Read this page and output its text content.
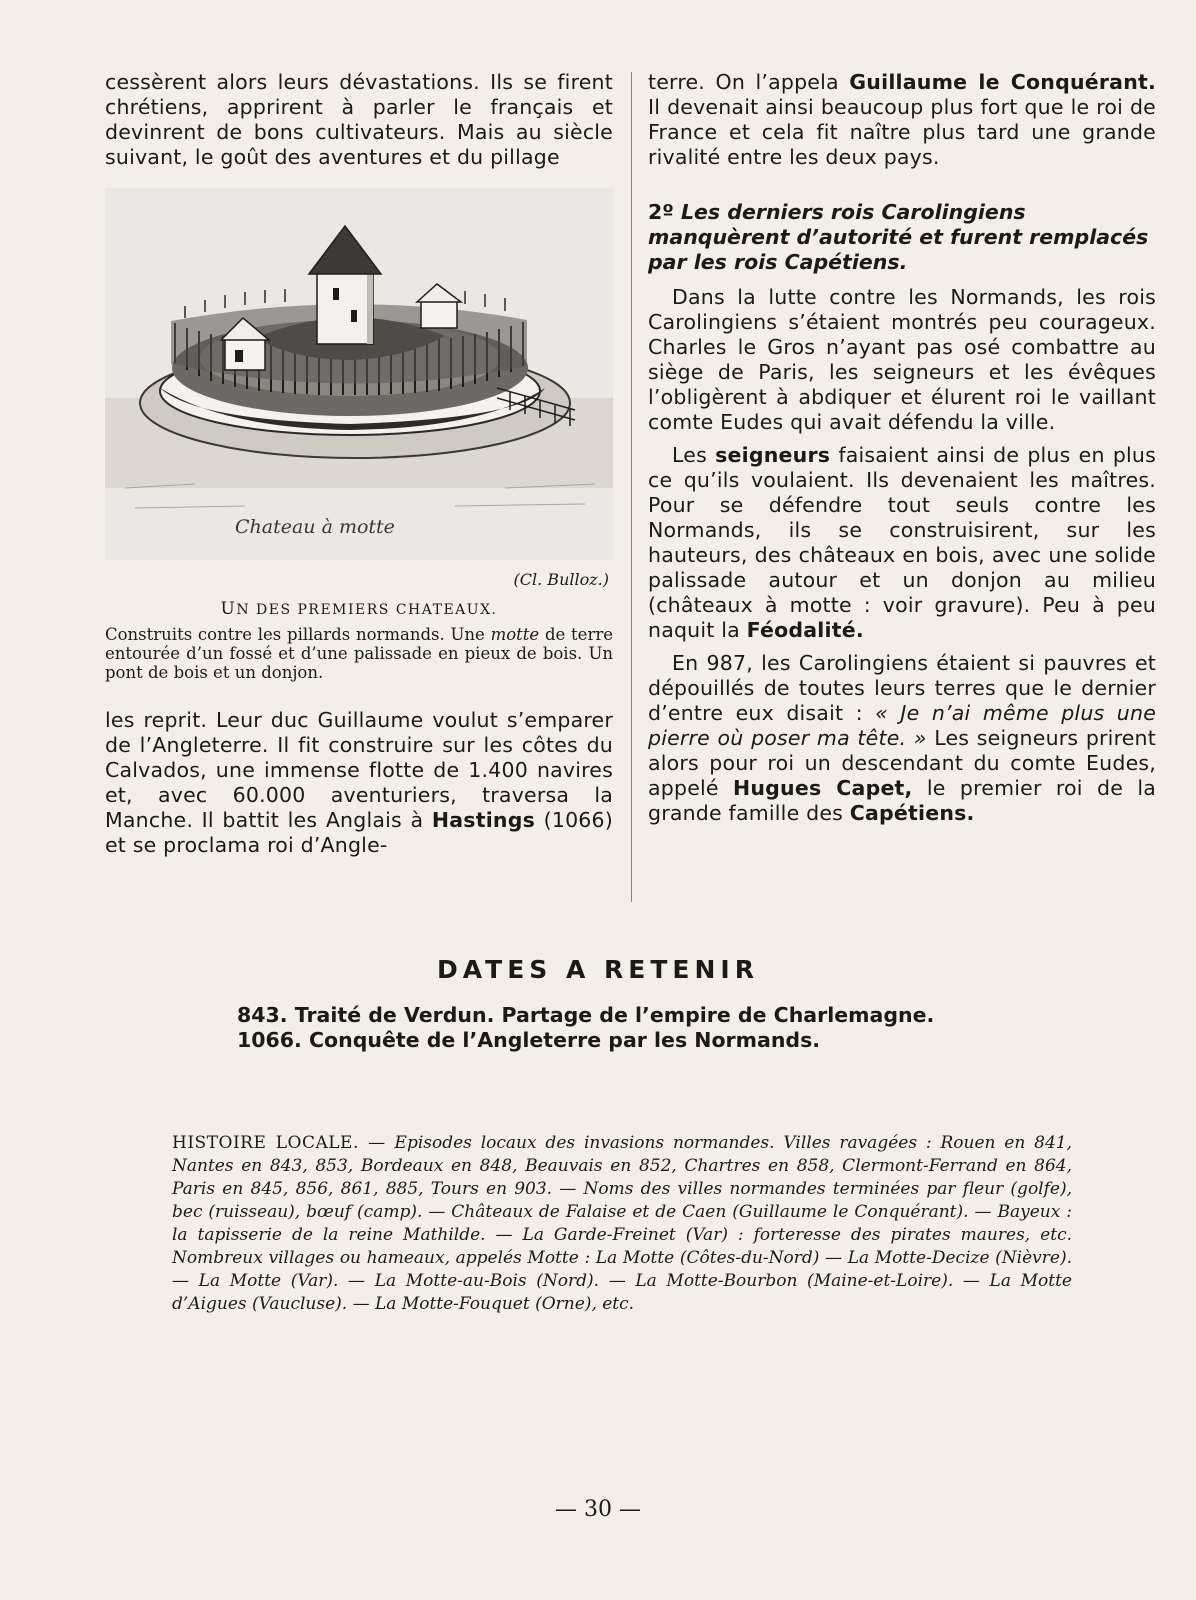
cessèrent alors leurs dévastations. Ils se firent chrétiens, apprirent à parler le français et devinrent de bons cultivateurs. Mais au siècle suivant, le goût des aventures et du pillage

Chateau à motte
(Cl. Bulloz.)
UN DES PREMIERS CHATEAUX.
Construits contre les pillards normands. Une motte de terre entourée d’un fossé et d’une palissade en pieux de bois. Un pont de bois et un donjon.

les reprit. Leur duc Guillaume voulut s’emparer de l’Angleterre. Il fit construire sur les côtes du Calvados, une immense flotte de 1.400 navires et, avec 60.000 aventuriers, traversa la Manche. Il battit les Anglais à Hastings (1066) et se proclama roi d’Angle-

terre. On l’appela Guillaume le Conquérant. Il devenait ainsi beaucoup plus fort que le roi de France et cela fit naître plus tard une grande rivalité entre les deux pays.

2º Les derniers rois Carolingiens manquèrent d’autorité et furent remplacés par les rois Capétiens.

Dans la lutte contre les Normands, les rois Carolingiens s’étaient montrés peu courageux. Charles le Gros n’ayant pas osé combattre au siège de Paris, les seigneurs et les évêques l’obligèrent à abdiquer et élurent roi le vaillant comte Eudes qui avait défendu la ville.

Les seigneurs faisaient ainsi de plus en plus ce qu’ils voulaient. Ils devenaient les maîtres. Pour se défendre tout seuls contre les Normands, ils se construisirent, sur les hauteurs, des châteaux en bois, avec une solide palissade autour et un donjon au milieu (châteaux à motte : voir gravure). Peu à peu naquit la Féodalité.

En 987, les Carolingiens étaient si pauvres et dépouillés de toutes leurs terres que le dernier d’entre eux disait : « Je n’ai même plus une pierre où poser ma tête. » Les seigneurs prirent alors pour roi un descendant du comte Eudes, appelé Hugues Capet, le premier roi de la grande famille des Capétiens.

DATES A RETENIR
843. Traité de Verdun. Partage de l’empire de Charlemagne.
1066. Conquête de l’Angleterre par les Normands.
HISTOIRE LOCALE. — Episodes locaux des invasions normandes. Villes ravagées : Rouen en 841, Nantes en 843, 853, Bordeaux en 848, Beauvais en 852, Chartres en 858, Clermont-Ferrand en 864, Paris en 845, 856, 861, 885, Tours en 903. — Noms des villes normandes terminées par fleur (golfe), bec (ruisseau), bœuf (camp). — Châteaux de Falaise et de Caen (Guillaume le Conquérant). — Bayeux : la tapisserie de la reine Mathilde. — La Garde-Freinet (Var) : forteresse des pirates maures, etc. Nombreux villages ou hameaux, appelés Motte : La Motte (Côtes-du-Nord) — La Motte-Decize (Nièvre). — La Motte (Var). — La Motte-au-Bois (Nord). — La Motte-Bourbon (Maine-et-Loire). — La Motte d’Aigues (Vaucluse). — La Motte-Fouquet (Orne), etc.
— 30 —
